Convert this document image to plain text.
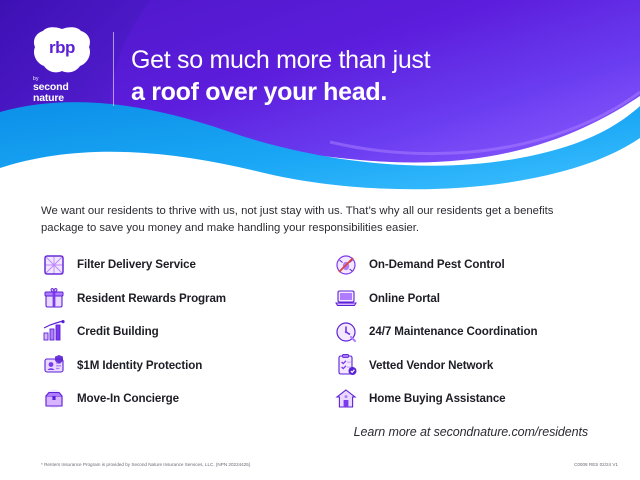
rbp
by
second nature
Get so much more than just
a roof over your head.

We want our residents to thrive with us, not just stay with us. That’s why all our residents get a benefits package to save you money and make handling your responsibilities easier.

Filter Delivery Service	On-Demand Pest Control
Resident Rewards Program	Online Portal
Credit Building	24/7 Maintenance Coordination
$1M Identity Protection	Vetted Vendor Network
Move-In Concierge	Home Buying Assistance
Learn more at secondnature.com/residents
* Renters Insurance Program is provided by Second Nature Insurance Services, LLC. (NPN 20224425)	C0008 RES 02/24 V1
